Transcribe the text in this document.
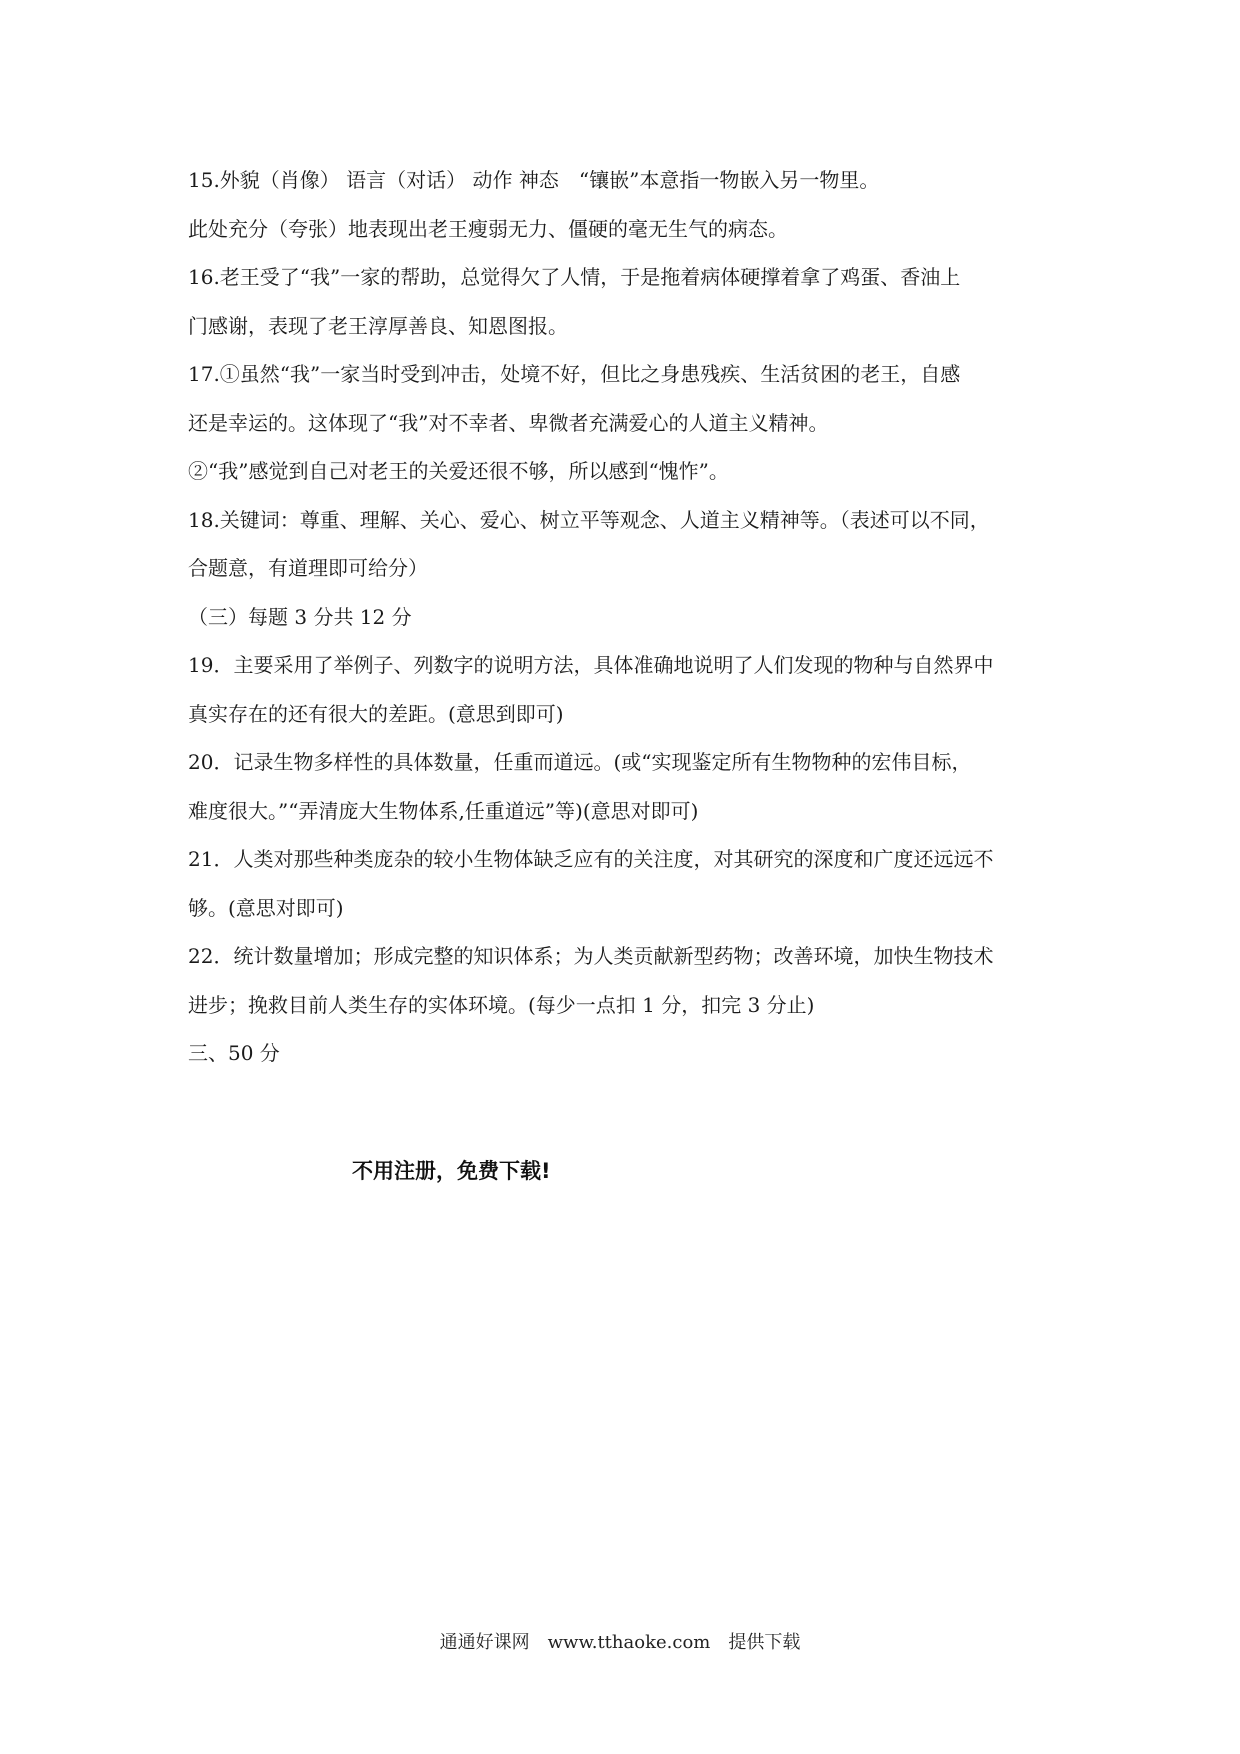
15.外貌（肖像） 语言（对话） 动作 神态　“镶嵌”本意指一物嵌入另一物里。
此处充分（夸张）地表现出老王瘦弱无力、僵硬的毫无生气的病态。
16.老王受了“我”一家的帮助，总觉得欠了人情，于是拖着病体硬撑着拿了鸡蛋、香油上
门感谢，表现了老王淳厚善良、知恩图报。
17.①虽然“我”一家当时受到冲击，处境不好，但比之身患残疾、生活贫困的老王，自感
还是幸运的。这体现了“我”对不幸者、卑微者充满爱心的人道主义精神。
②“我”感觉到自己对老王的关爱还很不够，所以感到“愧怍”。
18.关键词：尊重、理解、关心、爱心、树立平等观念、人道主义精神等。（表述可以不同，
合题意，有道理即可给分）
（三）每题 3 分共 12 分
19．主要采用了举例子、列数字的说明方法，具体准确地说明了人们发现的物种与自然界中
真实存在的还有很大的差距。(意思到即可)
20．记录生物多样性的具体数量，任重而道远。(或“实现鉴定所有生物物种的宏伟目标，
难度很大。”“弄清庞大生物体系,任重道远”等)(意思对即可)
21．人类对那些种类庞杂的较小生物体缺乏应有的关注度，对其研究的深度和广度还远远不
够。(意思对即可)
22．统计数量增加；形成完整的知识体系；为人类贡献新型药物；改善环境，加快生物技术
进步；挽救目前人类生存的实体环境。(每少一点扣 1 分，扣完 3 分止)
三、50 分
不用注册，免费下载!
通通好课网　www.tthaoke.com　提供下载
